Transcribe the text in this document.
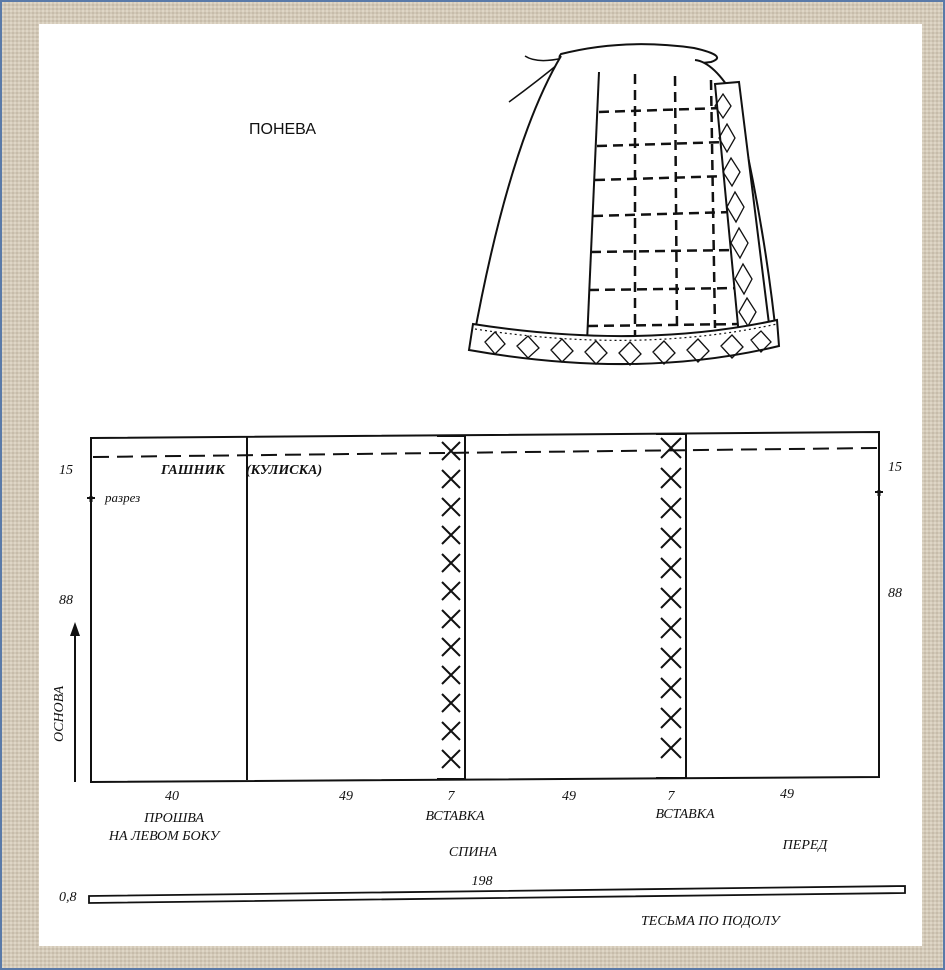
ПОНЕВА
15	15
ГАШНИК (КУЛИСКА)
разрез
88	88
ОСНОВА
40	49	7	49	7	49
ПРОШВА
НА ЛЕВОМ БОКУ
ВСТАВКА	ВСТАВКА
СПИНА	ПЕРЕД
198
0,8
ТЕСЬМА ПО ПОДОЛУ
